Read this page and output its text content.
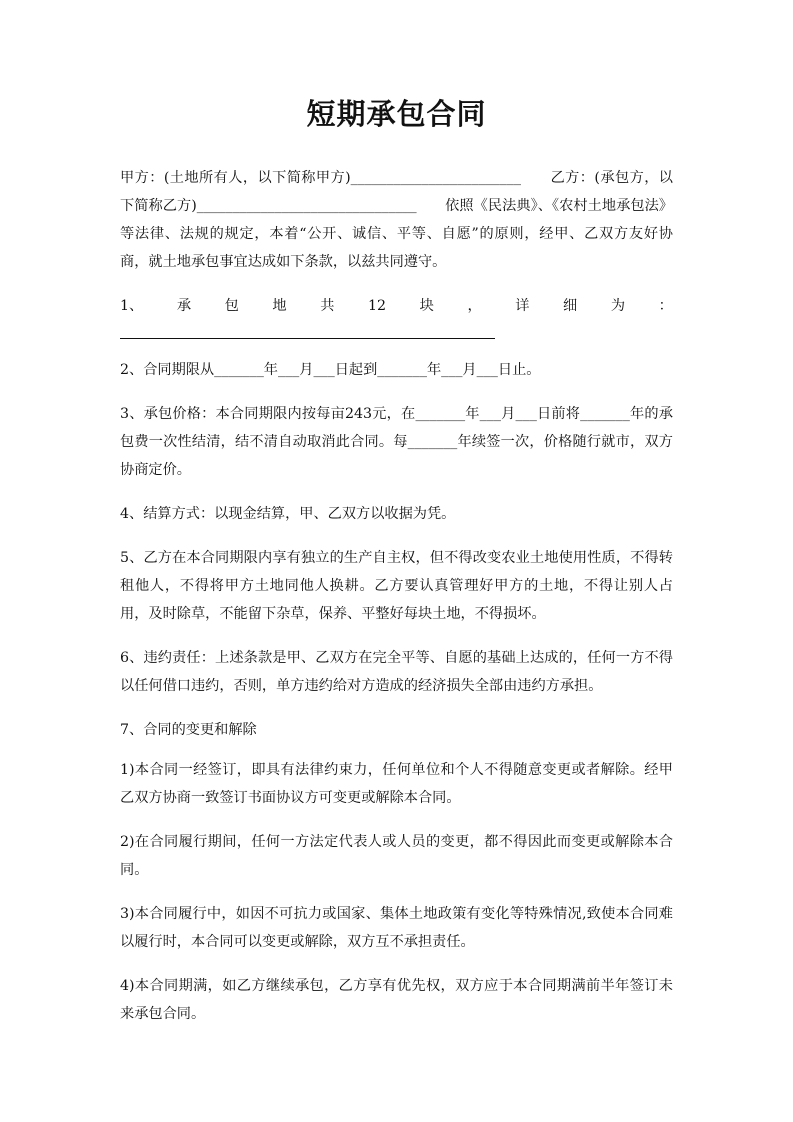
短期承包合同

甲方：(土地所有人，以下简称甲方)________________________　　乙方：(承包方，以下简称乙方)_______________________________　　依照《民法典》、《农村土地承包法》等法律、法规的规定，本着“公开、诚信、平等、自愿”的原则，经甲、乙双方友好协商，就土地承包事宜达成如下条款，以兹共同遵守。

1、 承 包 地 共 12 块 ， 详 细 为 ：

2、合同期限从_______年___月___日起到_______年___月___日止。

3、承包价格：本合同期限内按每亩243元，在_______年___月___日前将_______年的承包费一次性结清，结不清自动取消此合同。每_______年续签一次，价格随行就市，双方协商定价。

4、结算方式：以现金结算，甲、乙双方以收据为凭。

5、乙方在本合同期限内享有独立的生产自主权，但不得改变农业土地使用性质，不得转租他人，不得将甲方土地同他人换耕。乙方要认真管理好甲方的土地，不得让别人占用，及时除草，不能留下杂草，保养、平整好每块土地，不得损坏。

6、违约责任：上述条款是甲、乙双方在完全平等、自愿的基础上达成的，任何一方不得以任何借口违约，否则，单方违约给对方造成的经济损失全部由违约方承担。

7、合同的变更和解除

1)本合同一经签订，即具有法律约束力，任何单位和个人不得随意变更或者解除。经甲乙双方协商一致签订书面协议方可变更或解除本合同。

2)在合同履行期间，任何一方法定代表人或人员的变更，都不得因此而变更或解除本合同。

3)本合同履行中，如因不可抗力或国家、集体土地政策有变化等特殊情况,致使本合同难以履行时，本合同可以变更或解除，双方互不承担责任。

4)本合同期满，如乙方继续承包，乙方享有优先权，双方应于本合同期满前半年签订未来承包合同。
